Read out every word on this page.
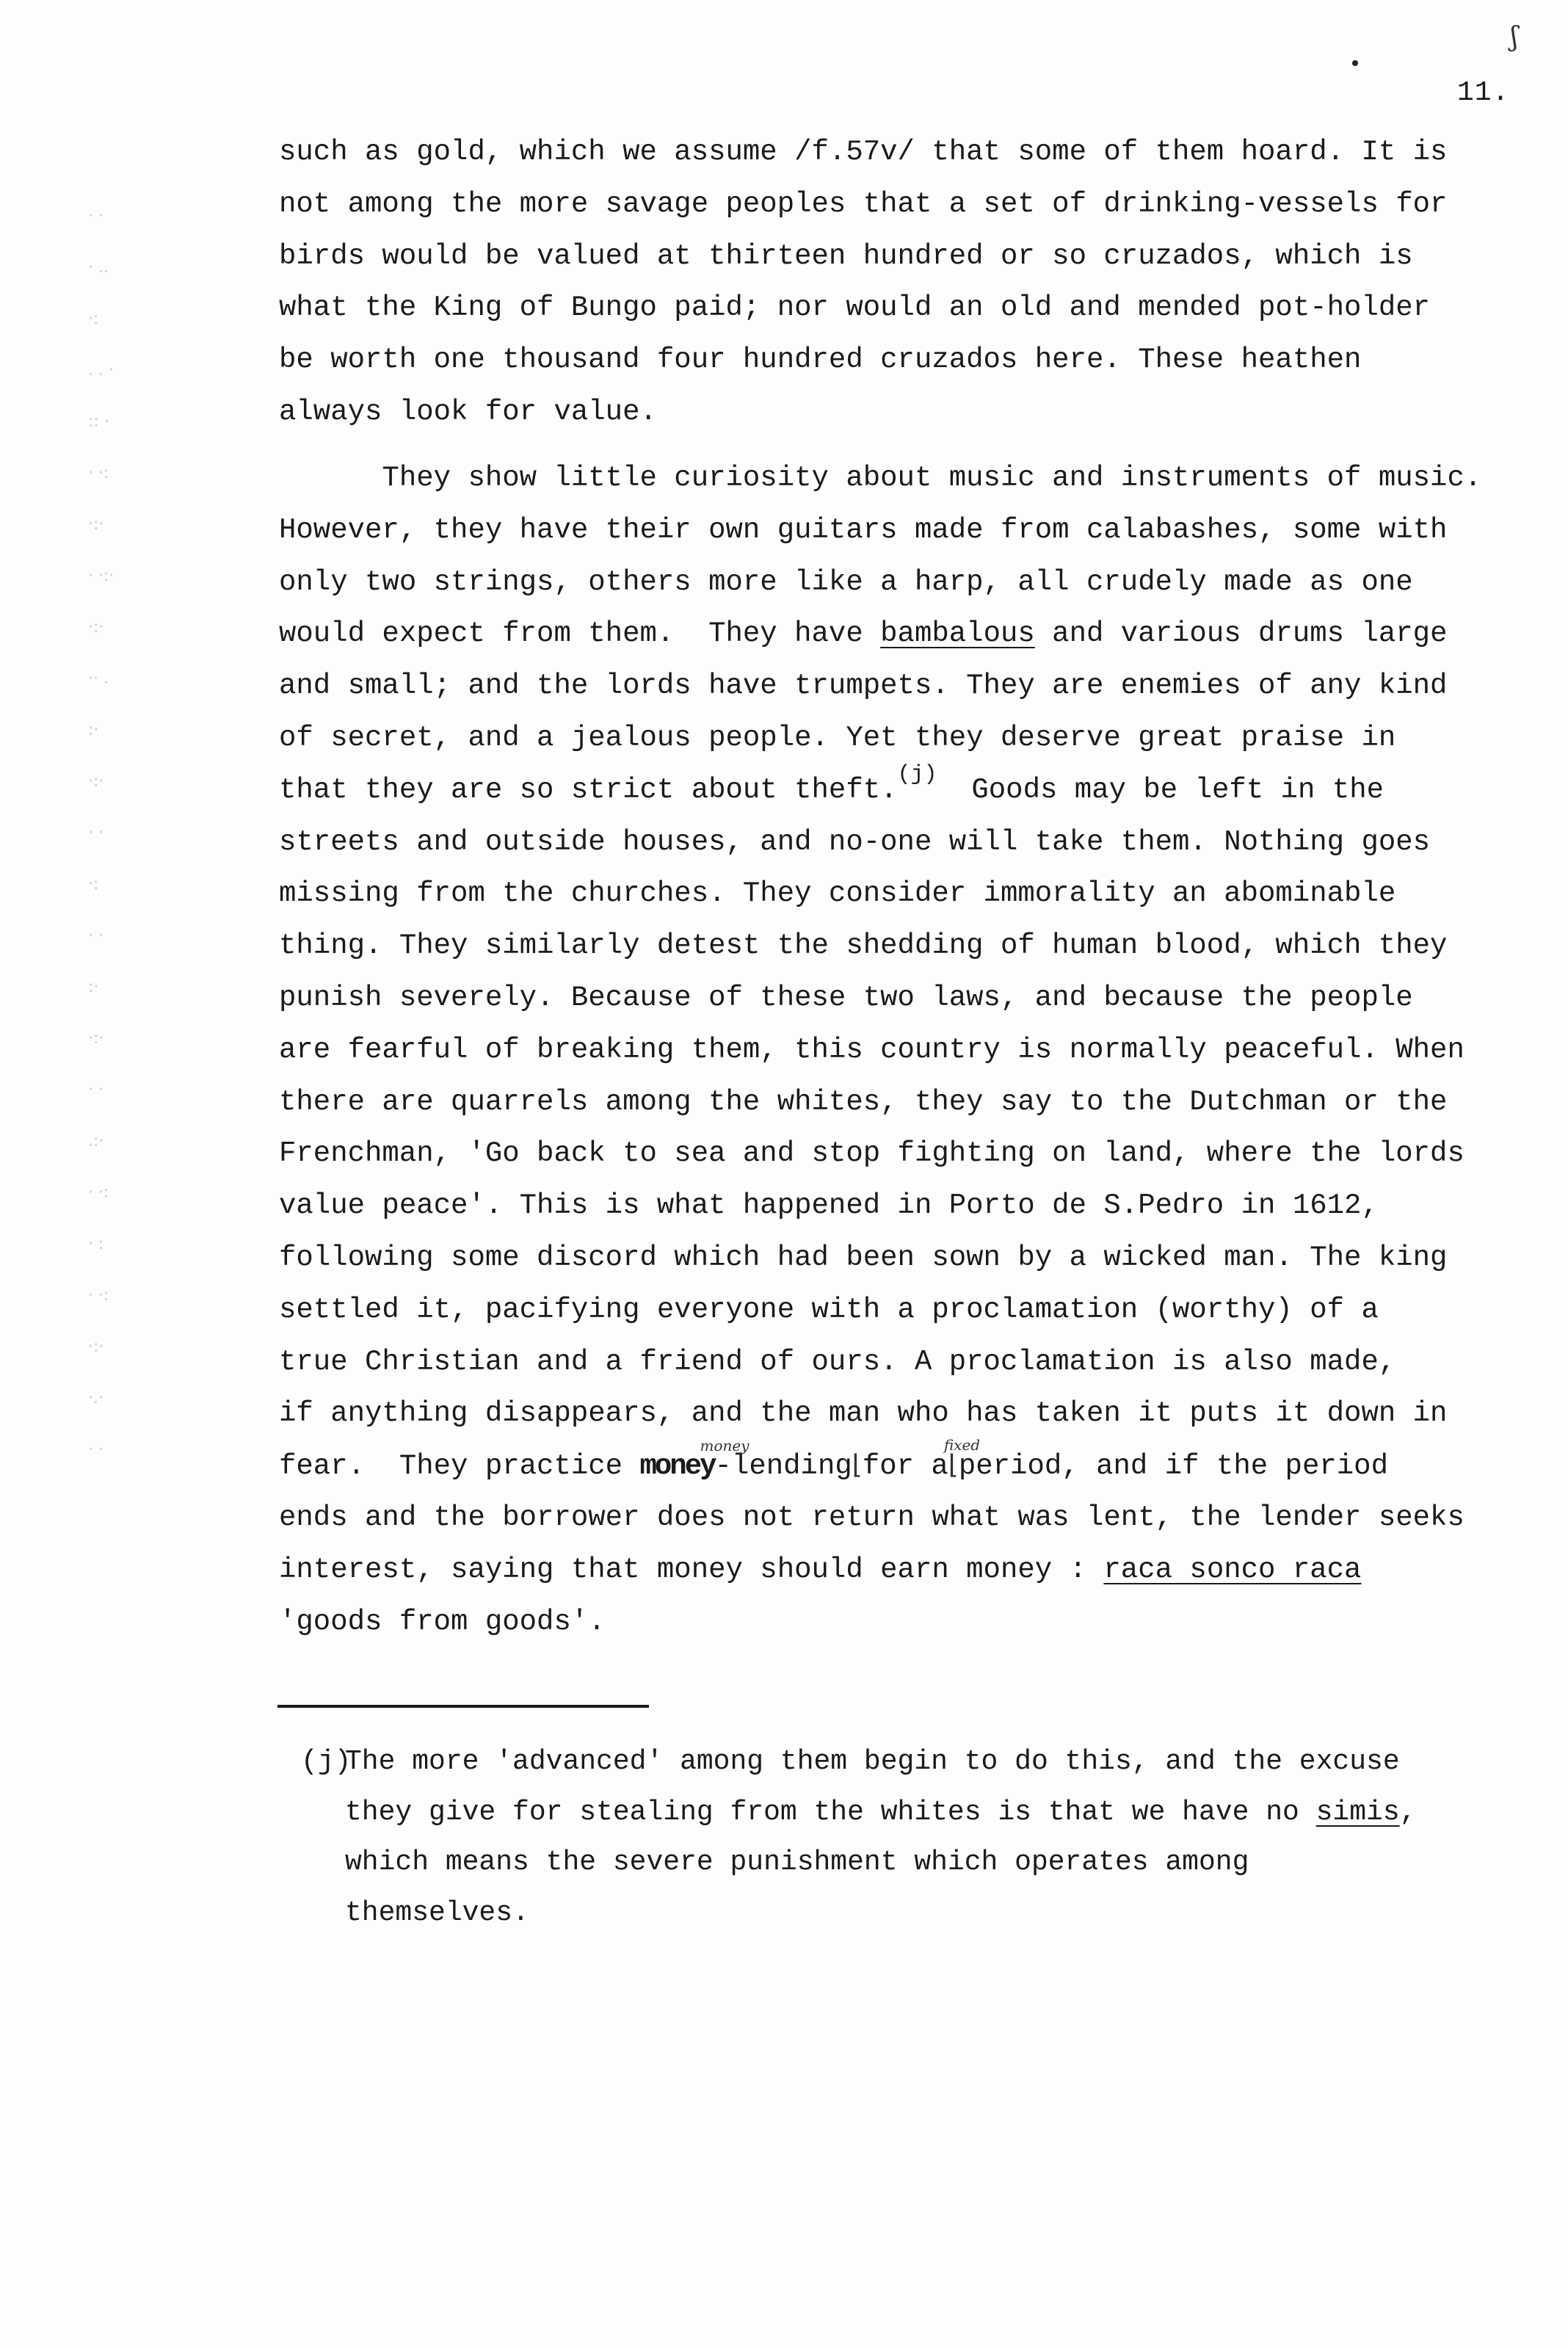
ʃ
11.
· ·
· ..
·:
. . ·
:: ·
· ·:
·:·
· ·:·
·:·
·· .
:·
·:·
· ·
·:
· ·
:·
·:·
· ·
.:·
· ·:
· :
· ·:
·:·
·.·
· ·
such as gold, which we assume /f.57v/ that some of them hoard. It is
not among the more savage peoples that a set of drinking-vessels for
birds would be valued at thirteen hundred or so cruzados, which is
what the King of Bungo paid; nor would an old and mended pot-holder
be worth one thousand four hundred cruzados here. These heathen
always look for value.
They show little curiosity about music and instruments of music.
However, they have their own guitars made from calabashes, some with
only two strings, others more like a harp, all crudely made as one
would expect from them.  They have bambalous and various drums large
and small; and the lords have trumpets. They are enemies of any kind
of secret, and a jealous people. Yet they deserve great praise in
that they are so strict about theft.$^{(j)}$  Goods may be left in the
streets and outside houses, and no-one will take them. Nothing goes
missing from the churches. They consider immorality an abominable
thing. They similarly detest the shedding of human blood, which they
punish severely. Because of these two laws, and because the people
are fearful of breaking them, this country is normally peaceful. When
there are quarrels among the whites, they say to the Dutchman or the
Frenchman, 'Go back to sea and stop fighting on land, where the lords
value peace'. This is what happened in Porto de S.Pedro in 1612,
following some discord which had been sown by a wicked man. The king
settled it, pacifying everyone with a proclamation (worthy) of a
true Christian and a friend of ours. A proclamation is also made,
if anything disappears, and the man who has taken it puts it down in
fear.  They practice money-lending
money
⌊for a⌊
fixed
period, and if the period
ends and the borrower does not return what was lent, the lender seeks
interest, saying that money should earn money : raca sonco raca
'goods from goods'.
(j)
The more 'advanced' among them begin to do this, and the excuse
they give for stealing from the whites is that we have no simis,
which means the severe punishment which operates among
themselves.
